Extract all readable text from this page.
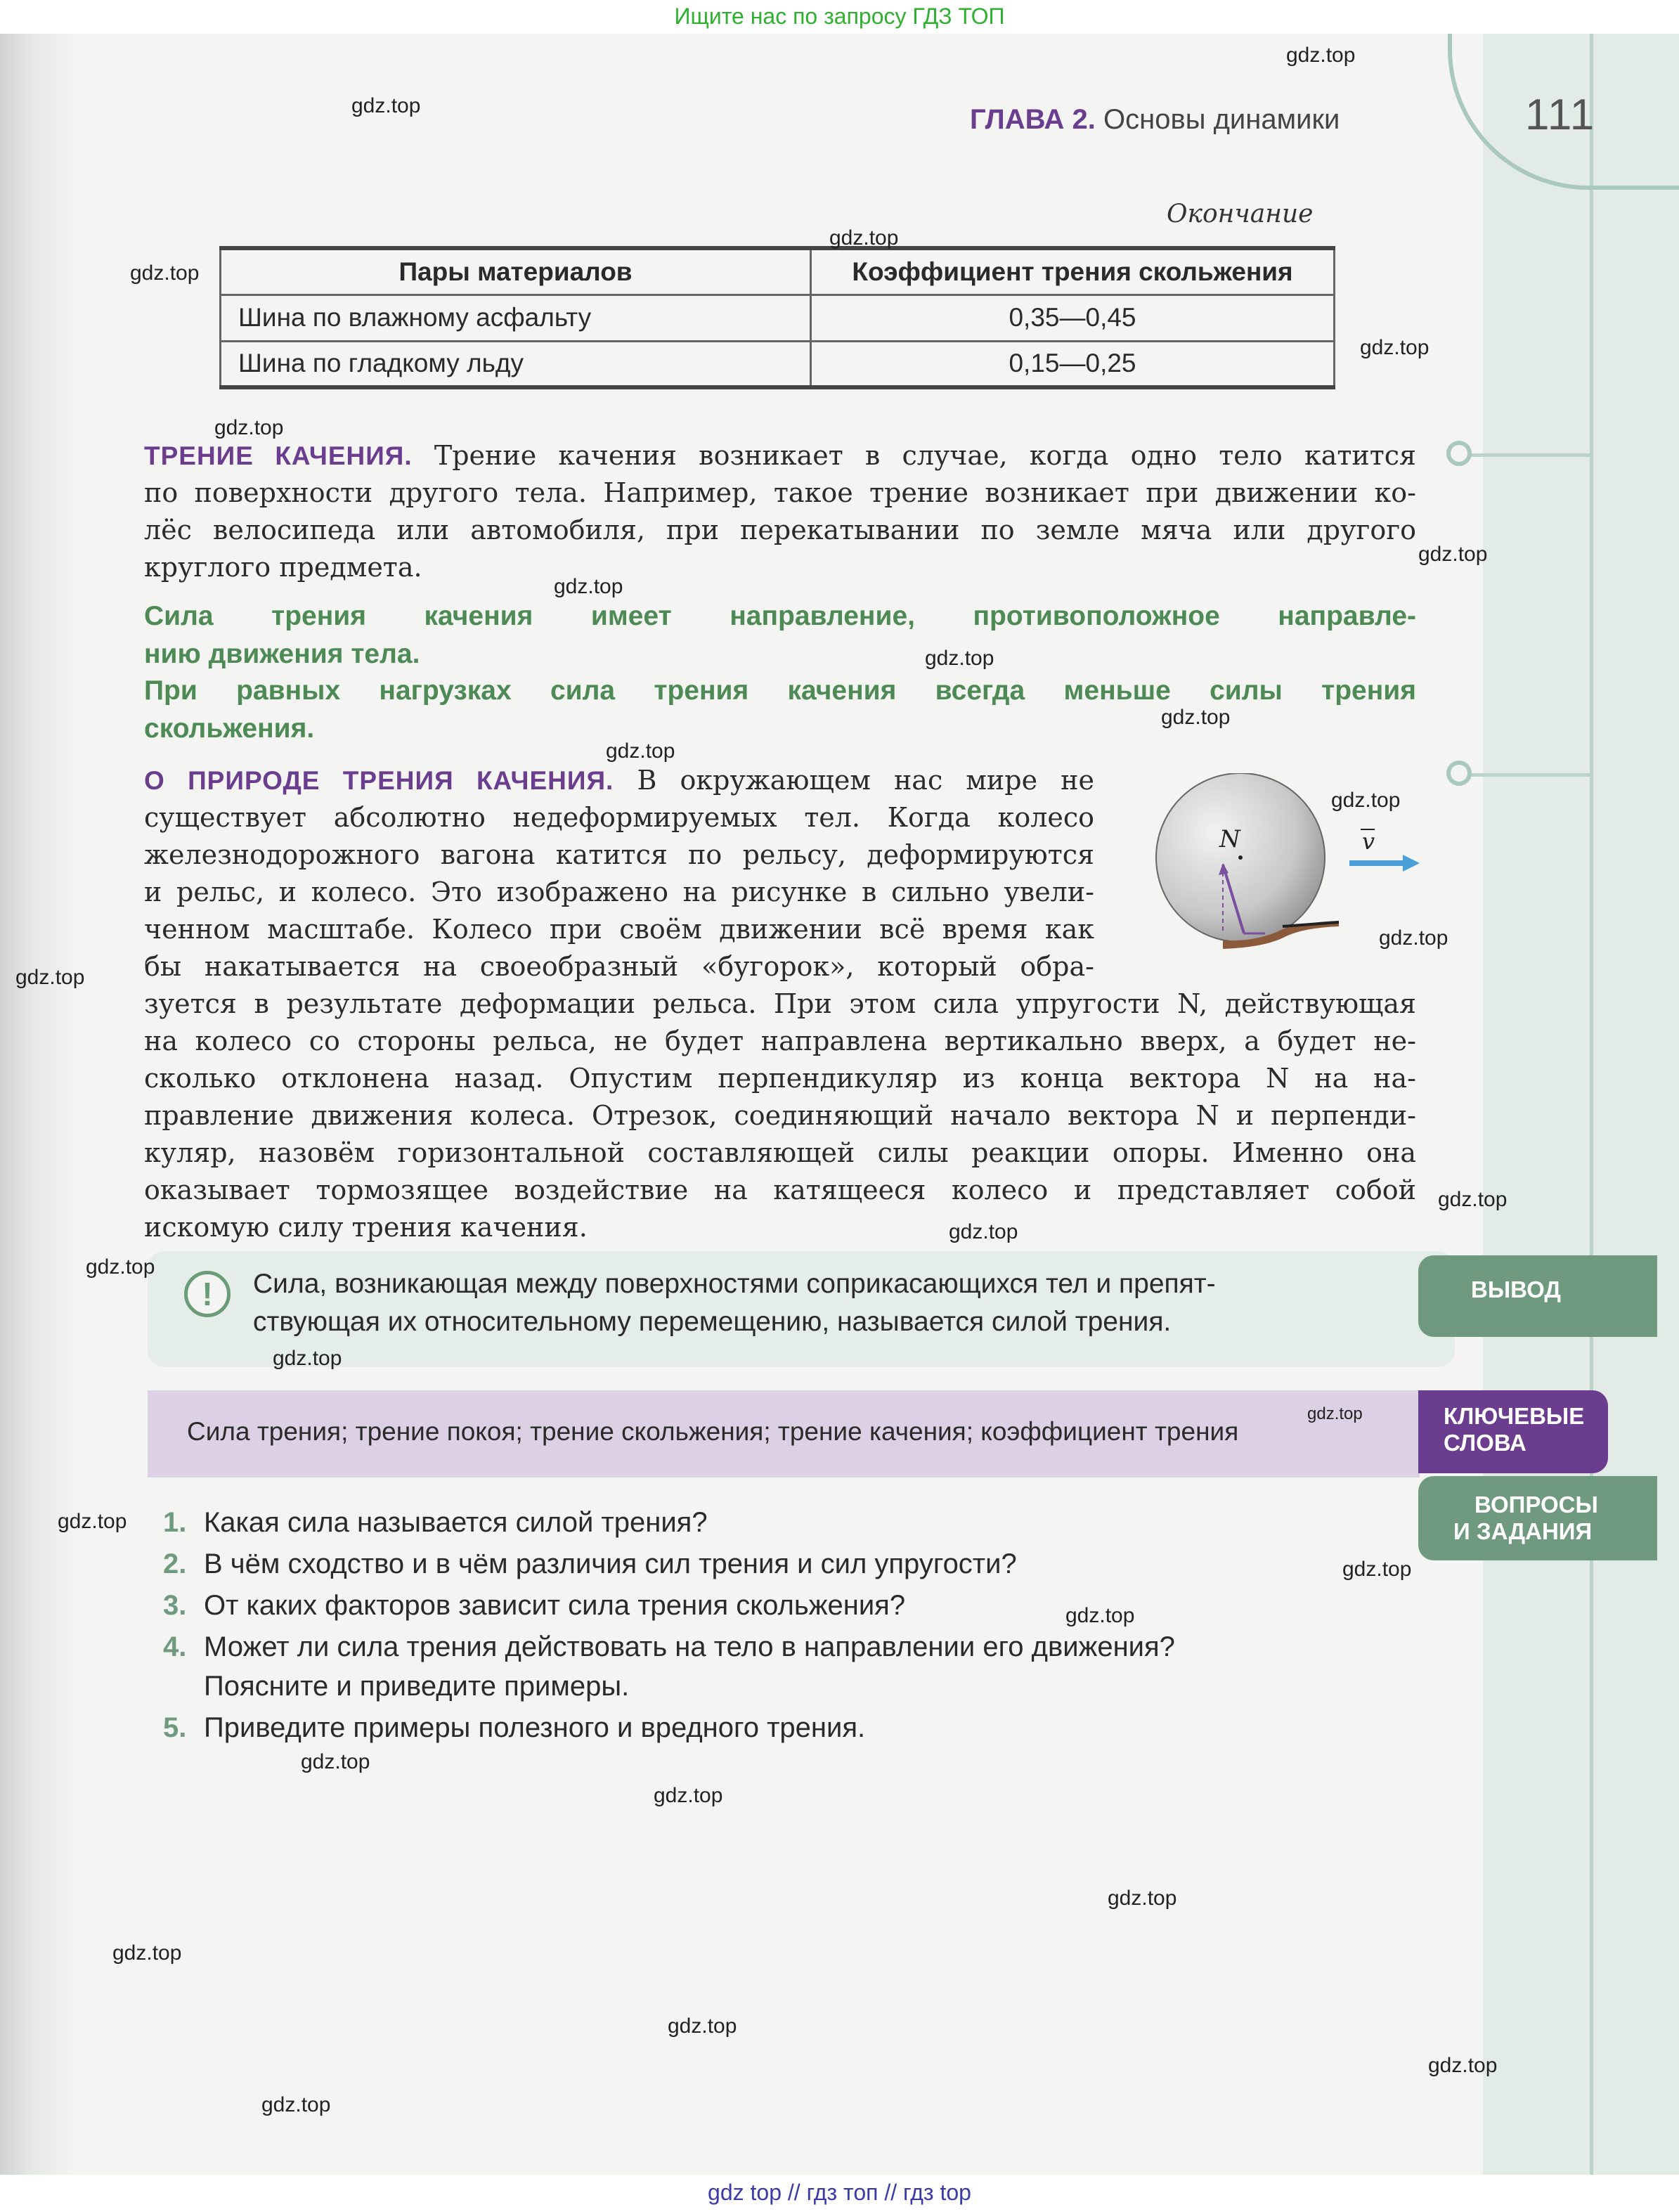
Ищите нас по запросу ГДЗ ТОП
gdz top // гдз топ // гдз top
111
ГЛАВА 2. Основы динамики
Окончание
Пары материалов	Коэффициент трения скольжения
Шина по влажному асфальту	0,35—0,45
Шина по гладкому льду	0,15—0,25
ТРЕНИЕ КАЧЕНИЯ. Трение качения возникает в случае, когда одно тело катится
по поверхности другого тела. Например, такое трение возникает при движении ко-
лёс велосипеда или автомобиля, при перекатывании по земле мяча или другого
круглого предмета.
Сила трения качения имеет направление, противоположное направле-
нию движения тела.
При равных нагрузках сила трения качения всегда меньше силы трения
скольжения.
О ПРИРОДЕ ТРЕНИЯ КАЧЕНИЯ. В окружающем нас мире не
существует абсолютно недеформируемых тел. Когда колесо
железнодорожного вагона катится по рельсу, деформируются
и рельс, и колесо. Это изображено на рисунке в сильно увели-
ченном масштабе. Колесо при своём движении всё время как
бы накатывается на своеобразный «бугорок», который обра-
зуется в результате деформации рельса. При этом сила упругости N, действующая
на колесо со стороны рельса, не будет направлена вертикально вверх, а будет не-
сколько отклонена назад. Опустим перпендикуляр из конца вектора N на на-
правление движения колеса. Отрезок, соединяющий начало вектора N и перпенди-
куляр, назовём горизонтальной составляющей силы реакции опоры. Именно она
оказывает тормозящее воздействие на катящееся колесо и представляет собой
искомую силу трения качения.
N	v
!	Сила, возникающая между поверхностями соприкасающихся тел и препят-
ствующая их относительному перемещению, называется силой трения.
ВЫВОД
Сила трения; трение покоя; трение скольжения; трение качения; коэффициент трения
КЛЮЧЕВЫЕ
СЛОВА
ВОПРОСЫ
И ЗАДАНИЯ
1. Какая сила называется силой трения?
2. В чём сходство и в чём различия сил трения и сил упругости?
3. От каких факторов зависит сила трения скольжения?
4. Может ли сила трения действовать на тело в направлении его движения?
Поясните и приведите примеры.
5. Приведите примеры полезного и вредного трения.
gdz.top
gdz.top
gdz.top
gdz.top
gdz.top
gdz.top
gdz.top
gdz.top
gdz.top
gdz.top
gdz.top
gdz.top
gdz.top
gdz.top
gdz.top
gdz.top
gdz.top
gdz.top
gdz.top
gdz.top
gdz.top
gdz.top
gdz.top
gdz.top
gdz.top
gdz.top
gdz.top
gdz.top
gdz.top
